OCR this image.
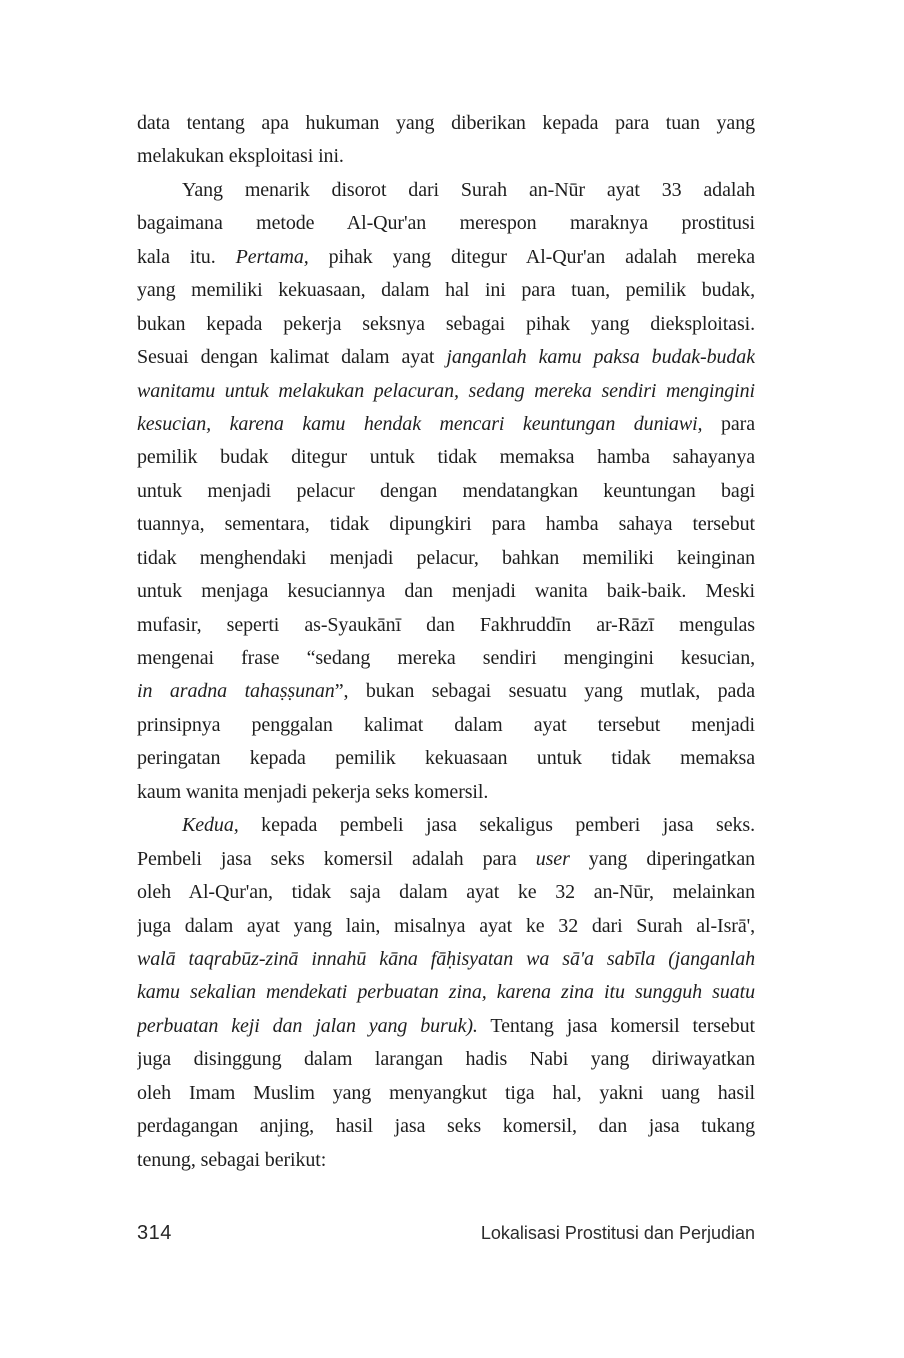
data tentang apa hukuman yang diberikan kepada para tuan yang
melakukan eksploitasi ini.
Yang menarik disorot dari Surah an-Nūr ayat 33 adalah
bagaimana metode Al-Qur'an merespon maraknya prostitusi
kala itu. Pertama, pihak yang ditegur Al-Qur'an adalah mereka
yang memiliki kekuasaan, dalam hal ini para tuan, pemilik budak,
bukan kepada pekerja seksnya sebagai pihak yang dieksploitasi.
Sesuai dengan kalimat dalam ayat janganlah kamu paksa budak-budak
wanitamu untuk melakukan pelacuran, sedang mereka sendiri mengingini
kesucian, karena kamu hendak mencari keuntungan duniawi, para
pemilik budak ditegur untuk tidak memaksa hamba sahayanya
untuk menjadi pelacur dengan mendatangkan keuntungan bagi
tuannya, sementara, tidak dipungkiri para hamba sahaya tersebut
tidak menghendaki menjadi pelacur, bahkan memiliki keinginan
untuk menjaga kesuciannya dan menjadi wanita baik-baik. Meski
mufasir, seperti as-Syaukānī dan Fakhruddīn ar-Rāzī mengulas
mengenai frase “sedang mereka sendiri mengingini kesucian,
in aradna tahaṣṣunan”, bukan sebagai sesuatu yang mutlak, pada
prinsipnya penggalan kalimat dalam ayat tersebut menjadi
peringatan kepada pemilik kekuasaan untuk tidak memaksa
kaum wanita menjadi pekerja seks komersil.
Kedua, kepada pembeli jasa sekaligus pemberi jasa seks.
Pembeli jasa seks komersil adalah para user yang diperingatkan
oleh Al-Qur'an, tidak saja dalam ayat ke 32 an-Nūr, melainkan
juga dalam ayat yang lain, misalnya ayat ke 32 dari Surah al-Isrā',
walā taqrabūz-zinā innahū kāna fāḥisyatan wa sā'a sabīla (janganlah
kamu sekalian mendekati perbuatan zina, karena zina itu sungguh suatu
perbuatan keji dan jalan yang buruk). Tentang jasa komersil tersebut
juga disinggung dalam larangan hadis Nabi yang diriwayatkan
oleh Imam Muslim yang menyangkut tiga hal, yakni uang hasil
perdagangan anjing, hasil jasa seks komersil, dan jasa tukang
tenung, sebagai berikut:
314	Lokalisasi Prostitusi dan Perjudian
